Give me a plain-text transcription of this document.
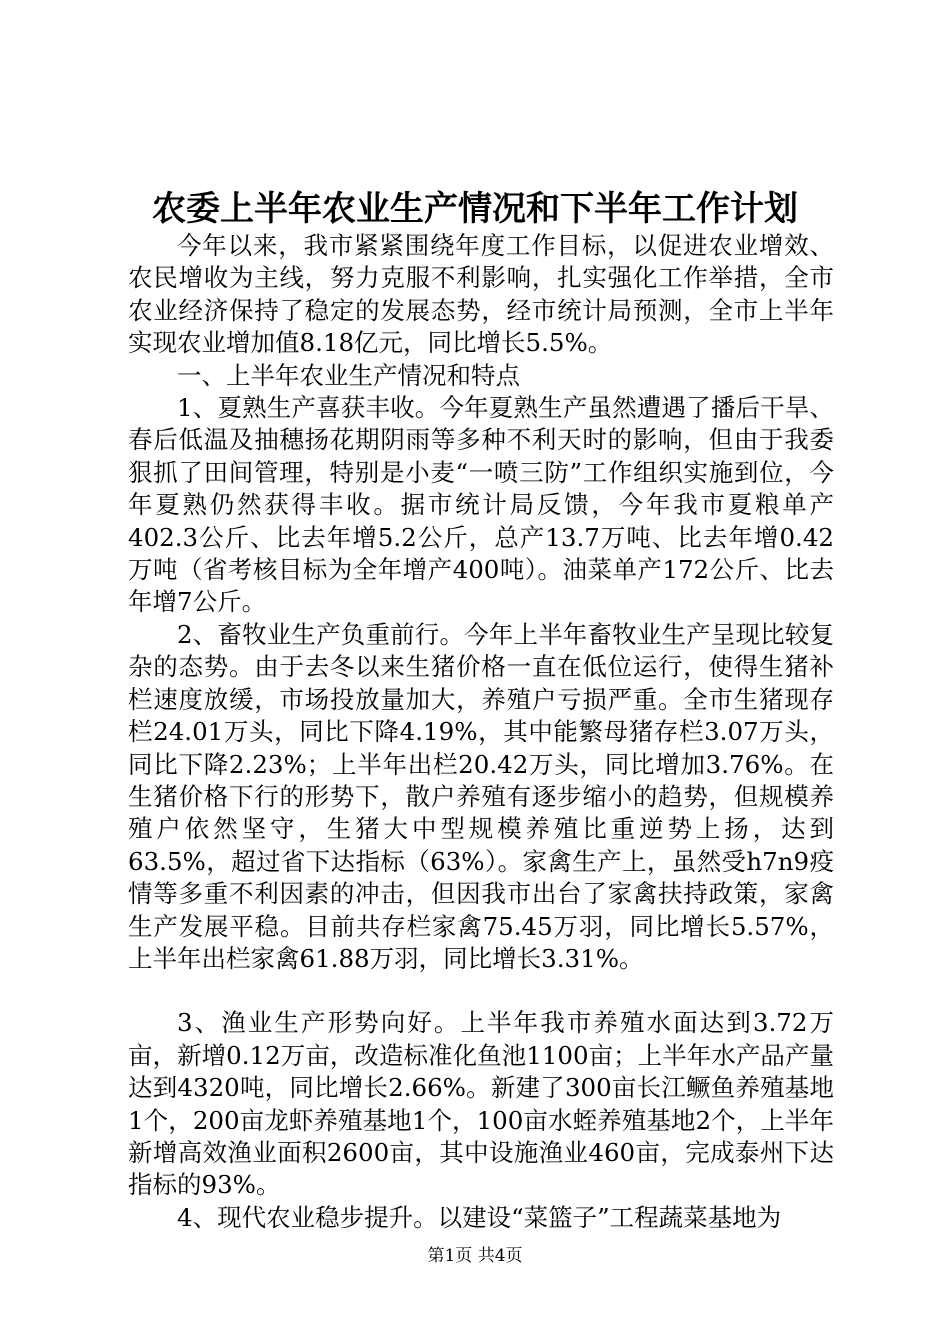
农委上半年农业生产情况和下半年工作计划

今年以来，我市紧紧围绕年度工作目标，以促进农业增效、农民增收为主线，努力克服不利影响，扎实强化工作举措，全市农业经济保持了稳定的发展态势，经市统计局预测，全市上半年实现农业增加值8.18亿元，同比增长5.5%。

一、上半年农业生产情况和特点

1、夏熟生产喜获丰收。今年夏熟生产虽然遭遇了播后干旱、春后低温及抽穗扬花期阴雨等多种不利天时的影响，但由于我委狠抓了田间管理，特别是小麦“一喷三防”工作组织实施到位，今年夏熟仍然获得丰收。据市统计局反馈，今年我市夏粮单产402.3公斤、比去年增5.2公斤，总产13.7万吨、比去年增0.42万吨（省考核目标为全年增产400吨）。油菜单产172公斤、比去年增7公斤。

2、畜牧业生产负重前行。今年上半年畜牧业生产呈现比较复杂的态势。由于去冬以来生猪价格一直在低位运行，使得生猪补栏速度放缓，市场投放量加大，养殖户亏损严重。全市生猪现存栏24.01万头，同比下降4.19%，其中能繁母猪存栏3.07万头，同比下降2.23%；上半年出栏20.42万头，同比增加3.76%。在生猪价格下行的形势下，散户养殖有逐步缩小的趋势，但规模养殖户依然坚守，生猪大中型规模养殖比重逆势上扬，达到63.5%，超过省下达指标（63%）。家禽生产上，虽然受h7n9疫情等多重不利因素的冲击，但因我市出台了家禽扶持政策，家禽生产发展平稳。目前共存栏家禽75.45万羽，同比增长5.57%，上半年出栏家禽61.88万羽，同比增长3.31%。

3、渔业生产形势向好。上半年我市养殖水面达到3.72万亩，新增0.12万亩，改造标准化鱼池1100亩；上半年水产品产量达到4320吨，同比增长2.66%。新建了300亩长江鳜鱼养殖基地1个，200亩龙虾养殖基地1个，100亩水蛭养殖基地2个，上半年新增高效渔业面积2600亩，其中设施渔业460亩，完成泰州下达指标的93%。

4、现代农业稳步提升。以建设“菜篮子”工程蔬菜基地为

第1页 共4页
